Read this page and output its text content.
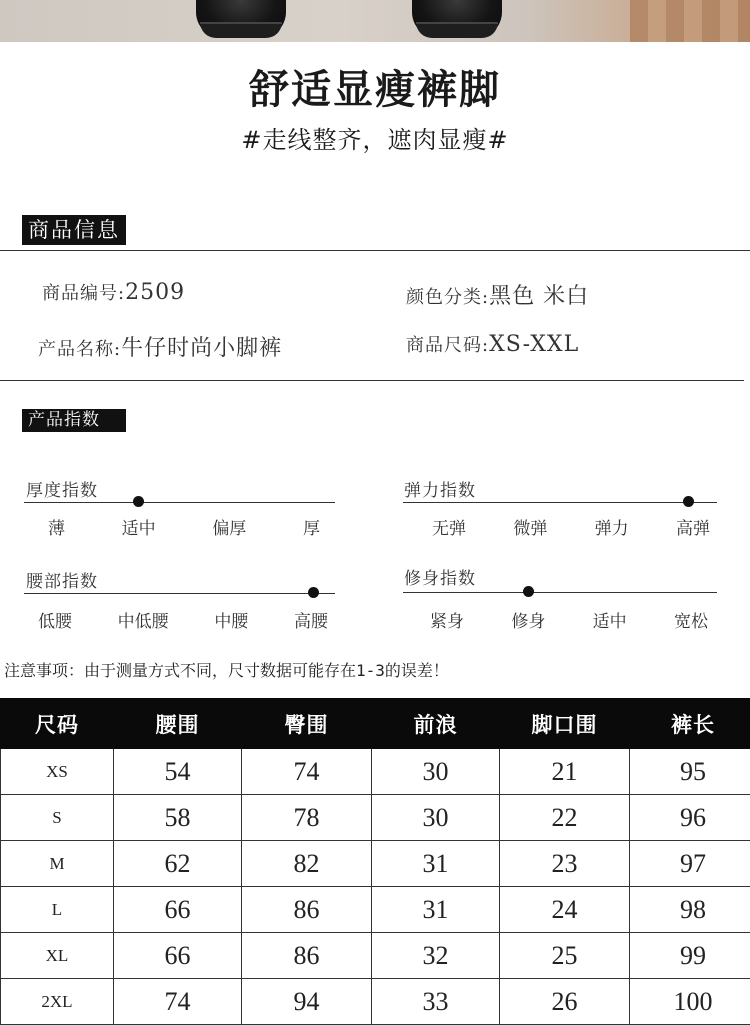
舒适显瘦裤脚
#走线整齐，遮肉显瘦#
商品信息
商品编号: 2509	颜色分类: 黑色 米白
产品名称: 牛仔时尚小脚裤	商品尺码: XS-XXL
产品指数
厚度指数
薄	适中	偏厚	厚
弹力指数
无弹	微弹	弹力	高弹
腰部指数
低腰	中低腰	中腰	高腰
修身指数
紧身	修身	适中	宽松
注意事项：由于测量方式不同，尺寸数据可能存在1-3的误差！
尺码	腰围	臀围	前浪	脚口围	裤长
XS	54	74	30	21	95
S	58	78	30	22	96
M	62	82	31	23	97
L	66	86	31	24	98
XL	66	86	32	25	99
2XL	74	94	33	26	100
